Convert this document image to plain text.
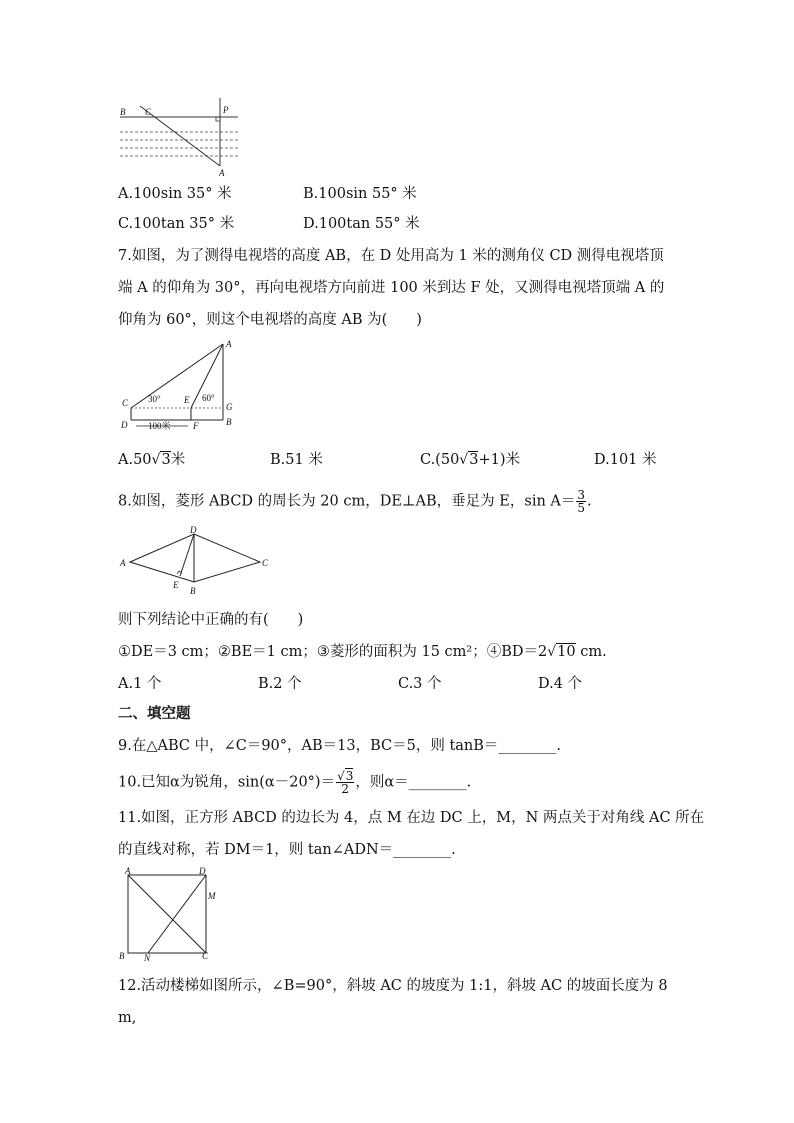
B C	P
A
A.100sin 35° 米	B.100sin 55° 米
C.100tan 35° 米	D.100tan 55° 米
7.如图，为了测得电视塔的高度 AB，在 D 处用高为 1 米的测角仪 CD 测得电视塔顶
端 A 的仰角为 30°，再向电视塔方向前进 100 米到达 F 处，又测得电视塔顶端 A 的
仰角为 60°，则这个电视塔的高度 AB 为(　　)
A
C	E
G
D	F	B
30°	60°
100米
A.50√3米	B.51 米	C.(50√3+1)米	D.101 米
8.如图，菱形 ABCD 的周长为 20 cm，DE⊥AB，垂足为 E，$\sin A= \frac{3}{5}$ .
D
A	C
E
B
则下列结论中正确的有(　　)
①DE＝3 cm；②BE＝1 cm；③菱形的面积为 15 cm²；④BD＝2√10 cm.
A.1 个	B.2 个	C.3 个	D.4 个
二、填空题
9.在△ABC 中，∠C＝90°，AB＝13，BC＝5，则 tanB＝________.
10.已知α为锐角，$\sin(\alpha-20^\circ)= \frac{√3}{2}$ ，则α＝________.
11.如图，正方形 ABCD 的边长为 4，点 M 在边 DC 上，M，N 两点关于对角线 AC 所在
的直线对称，若 DM＝1，则 tan∠ADN＝________.
A	D
M
B N	C
12.活动楼梯如图所示，∠B=90°，斜坡 AC 的坡度为 1:1，斜坡 AC 的坡面长度为 8
m,
